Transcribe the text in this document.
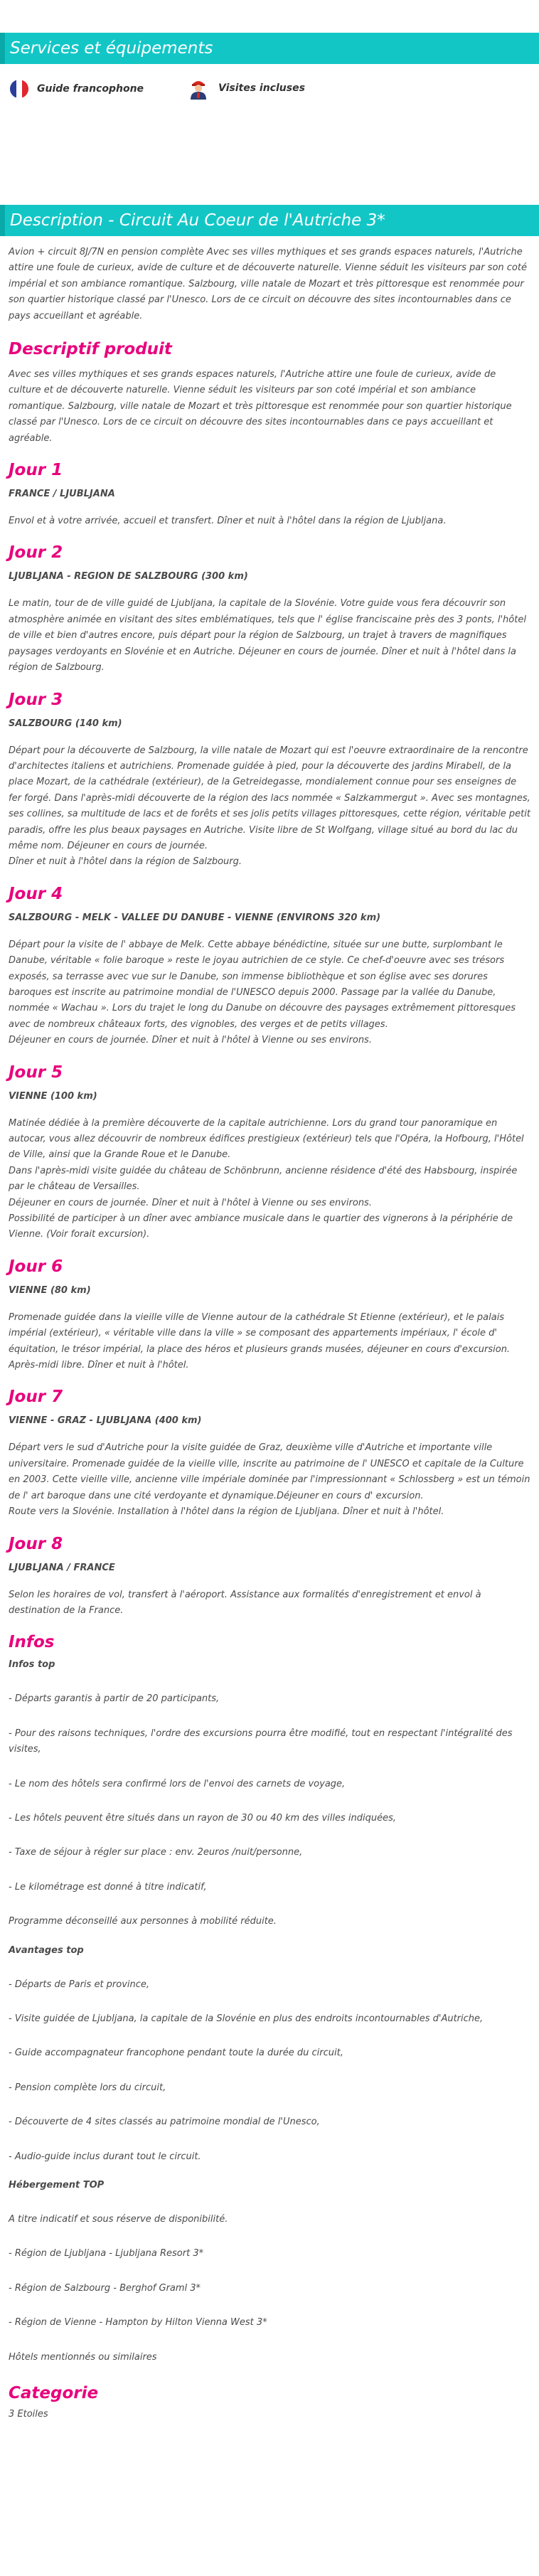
Services et équipements
Guide francophone	Visites incluses
Description - Circuit Au Coeur de l'Autriche 3*

Avion + circuit 8J/7N en pension complète Avec ses villes mythiques et ses grands espaces naturels, l'Autriche attire une foule de curieux, avide de culture et de découverte naturelle. Vienne séduit les visiteurs par son coté impérial et son ambiance romantique. Salzbourg, ville natale de Mozart et très pittoresque est renommée pour son quartier historique classé par l'Unesco. Lors de ce circuit on découvre des sites incontournables dans ce pays accueillant et agréable.

Descriptif produit

Avec ses villes mythiques et ses grands espaces naturels, l'Autriche attire une foule de curieux, avide de culture et de découverte naturelle. Vienne séduit les visiteurs par son coté impérial et son ambiance romantique. Salzbourg, ville natale de Mozart et très pittoresque est renommée pour son quartier historique classé par l'Unesco. Lors de ce circuit on découvre des sites incontournables dans ce pays accueillant et agréable.

Jour 1

FRANCE / LJUBLJANA

Envol et à votre arrivée, accueil et transfert. Dîner et nuit à l'hôtel dans la région de Ljubljana.

Jour 2

LJUBLJANA - REGION DE SALZBOURG (300 km)

Le matin, tour de de ville guidé de Ljubljana, la capitale de la Slovénie. Votre guide vous fera découvrir son atmosphère animée en visitant des sites emblématiques, tels que l' église franciscaine près des 3 ponts, l'hôtel de ville et bien d'autres encore, puis départ pour la région de Salzbourg, un trajet à travers de magnifiques paysages verdoyants en Slovénie et en Autriche. Déjeuner en cours de journée. Dîner et nuit à l'hôtel dans la région de Salzbourg.

Jour 3

SALZBOURG (140 km)

Départ pour la découverte de Salzbourg, la ville natale de Mozart qui est l'oeuvre extraordinaire de la rencontre d'architectes italiens et autrichiens. Promenade guidée à pied, pour la découverte des jardins Mirabell, de la place Mozart, de la cathédrale (extérieur), de la Getreidegasse, mondialement connue pour ses enseignes de fer forgé. Dans l'après-midi découverte de la région des lacs nommée « Salzkammergut ». Avec ses montagnes, ses collines, sa multitude de lacs et de forêts et ses jolis petits villages pittoresques, cette région, véritable petit paradis, offre les plus beaux paysages en Autriche. Visite libre de St Wolfgang, village situé au bord du lac du même nom. Déjeuner en cours de journée.

Dîner et nuit à l'hôtel dans la région de Salzbourg.

Jour 4

SALZBOURG - MELK - VALLEE DU DANUBE - VIENNE (ENVIRONS 320 km)

Départ pour la visite de l' abbaye de Melk. Cette abbaye bénédictine, située sur une butte, surplombant le Danube, véritable « folie baroque » reste le joyau autrichien de ce style. Ce chef-d'oeuvre avec ses trésors exposés, sa terrasse avec vue sur le Danube, son immense bibliothèque et son église avec ses dorures baroques est inscrite au patrimoine mondial de l'UNESCO depuis 2000. Passage par la vallée du Danube, nommée « Wachau ». Lors du trajet le long du Danube on découvre des paysages extrêmement pittoresques avec de nombreux châteaux forts, des vignobles, des verges et de petits villages.

Déjeuner en cours de journée. Dîner et nuit à l'hôtel à Vienne ou ses environs.

Jour 5

VIENNE (100 km)

Matinée dédiée à la première découverte de la capitale autrichienne. Lors du grand tour panoramique en autocar, vous allez découvrir de nombreux édifices prestigieux (extérieur) tels que l'Opéra, la Hofbourg, l'Hôtel de Ville, ainsi que la Grande Roue et le Danube.

Dans l'après-midi visite guidée du château de Schönbrunn, ancienne résidence d'été des Habsbourg, inspirée par le château de Versailles.

Déjeuner en cours de journée. Dîner et nuit à l'hôtel à Vienne ou ses environs.

Possibilité de participer à un dîner avec ambiance musicale dans le quartier des vignerons à la périphérie de Vienne. (Voir forait excursion).

Jour 6

VIENNE (80 km)

Promenade guidée dans la vieille ville de Vienne autour de la cathédrale St Etienne (extérieur), et le palais impérial (extérieur), « véritable ville dans la ville » se composant des appartements impériaux, l' école d' équitation, le trésor impérial, la place des héros et plusieurs grands musées, déjeuner en cours d'excursion.

Après-midi libre. Dîner et nuit à l'hôtel.

Jour 7

VIENNE - GRAZ - LJUBLJANA (400 km)

Départ vers le sud d'Autriche pour la visite guidée de Graz, deuxième ville d'Autriche et importante ville universitaire. Promenade guidée de la vieille ville, inscrite au patrimoine de l' UNESCO et capitale de la Culture en 2003. Cette vieille ville, ancienne ville impériale dominée par l'impressionnant « Schlossberg » est un témoin de l' art baroque dans une cité verdoyante et dynamique.Déjeuner en cours d' excursion.

Route vers la Slovénie. Installation à l'hôtel dans la région de Ljubljana. Dîner et nuit à l'hôtel.

Jour 8

LJUBLJANA / FRANCE

Selon les horaires de vol, transfert à l'aéroport. Assistance aux formalités d'enregistrement et envol à destination de la France.

Infos

Infos top

- Départs garantis à partir de 20 participants,

- Pour des raisons techniques, l'ordre des excursions pourra être modifié, tout en respectant l'intégralité des visites,

- Le nom des hôtels sera confirmé lors de l'envoi des carnets de voyage,

- Les hôtels peuvent être situés dans un rayon de 30 ou 40 km des villes indiquées,

- Taxe de séjour à régler sur place : env. 2euros /nuit/personne,

- Le kilométrage est donné à titre indicatif,

Programme déconseillé aux personnes à mobilité réduite.

Avantages top

- Départs de Paris et province,

- Visite guidée de Ljubljana, la capitale de la Slovénie en plus des endroits incontournables d'Autriche,

- Guide accompagnateur francophone pendant toute la durée du circuit,

- Pension complète lors du circuit,

- Découverte de 4 sites classés au patrimoine mondial de l'Unesco,

- Audio-guide inclus durant tout le circuit.

Hébergement TOP

A titre indicatif et sous réserve de disponibilité.

- Région de Ljubljana - Ljubljana Resort 3*

- Région de Salzbourg - Berghof Graml 3*

- Région de Vienne - Hampton by Hilton Vienna West 3*

Hôtels mentionnés ou similaires

Categorie

3 Etoiles
